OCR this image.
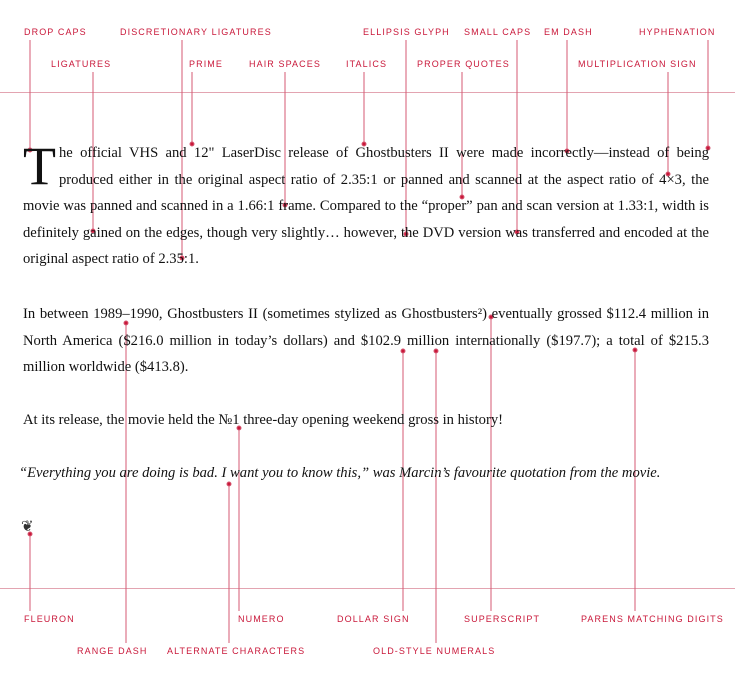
DROP CAPS	DISCRETIONARY LIGATURES	ELLIPSIS GLYPH SMALL CAPS EM DASH	HYPHENATION
LIGATURES	PRIME	HAIR SPACES	ITALICS	PROPER QUOTES	MULTIPLICATION SIGN

The official VHS and 12" LaserDisc release of Ghostbusters II were made incorrectly—instead of being produced either in the original aspect ratio of 2.35:1 or panned and scanned at the aspect ratio of 4×3, the movie was panned and scanned in a 1.66:1 frame. Compared to the “proper” pan and scan version at 1.33:1, width is definitely gained on the edges, though very slightly… however, the DVD version was transferred and encoded at the original aspect ratio of 2.35:1.

In between 1989–1990, Ghostbusters II (sometimes stylized as Ghostbusters²) eventually grossed $112.4 million in North America ($216.0 million in today’s dollars) and $102.9 million internationally ($197.7); a total of $215.3 million worldwide ($413.8).

At its release, the movie held the №1 three-day opening weekend gross in history!

“Everything you are doing is bad. I want you to know this,” was Marcin’s favourite quotation from the movie.

❦
FLEURON	NUMERO	DOLLAR SIGN	SUPERSCRIPT	PARENS MATCHING DIGITS
RANGE DASH ALTERNATE CHARACTERS	OLD-STYLE NUMERALS
